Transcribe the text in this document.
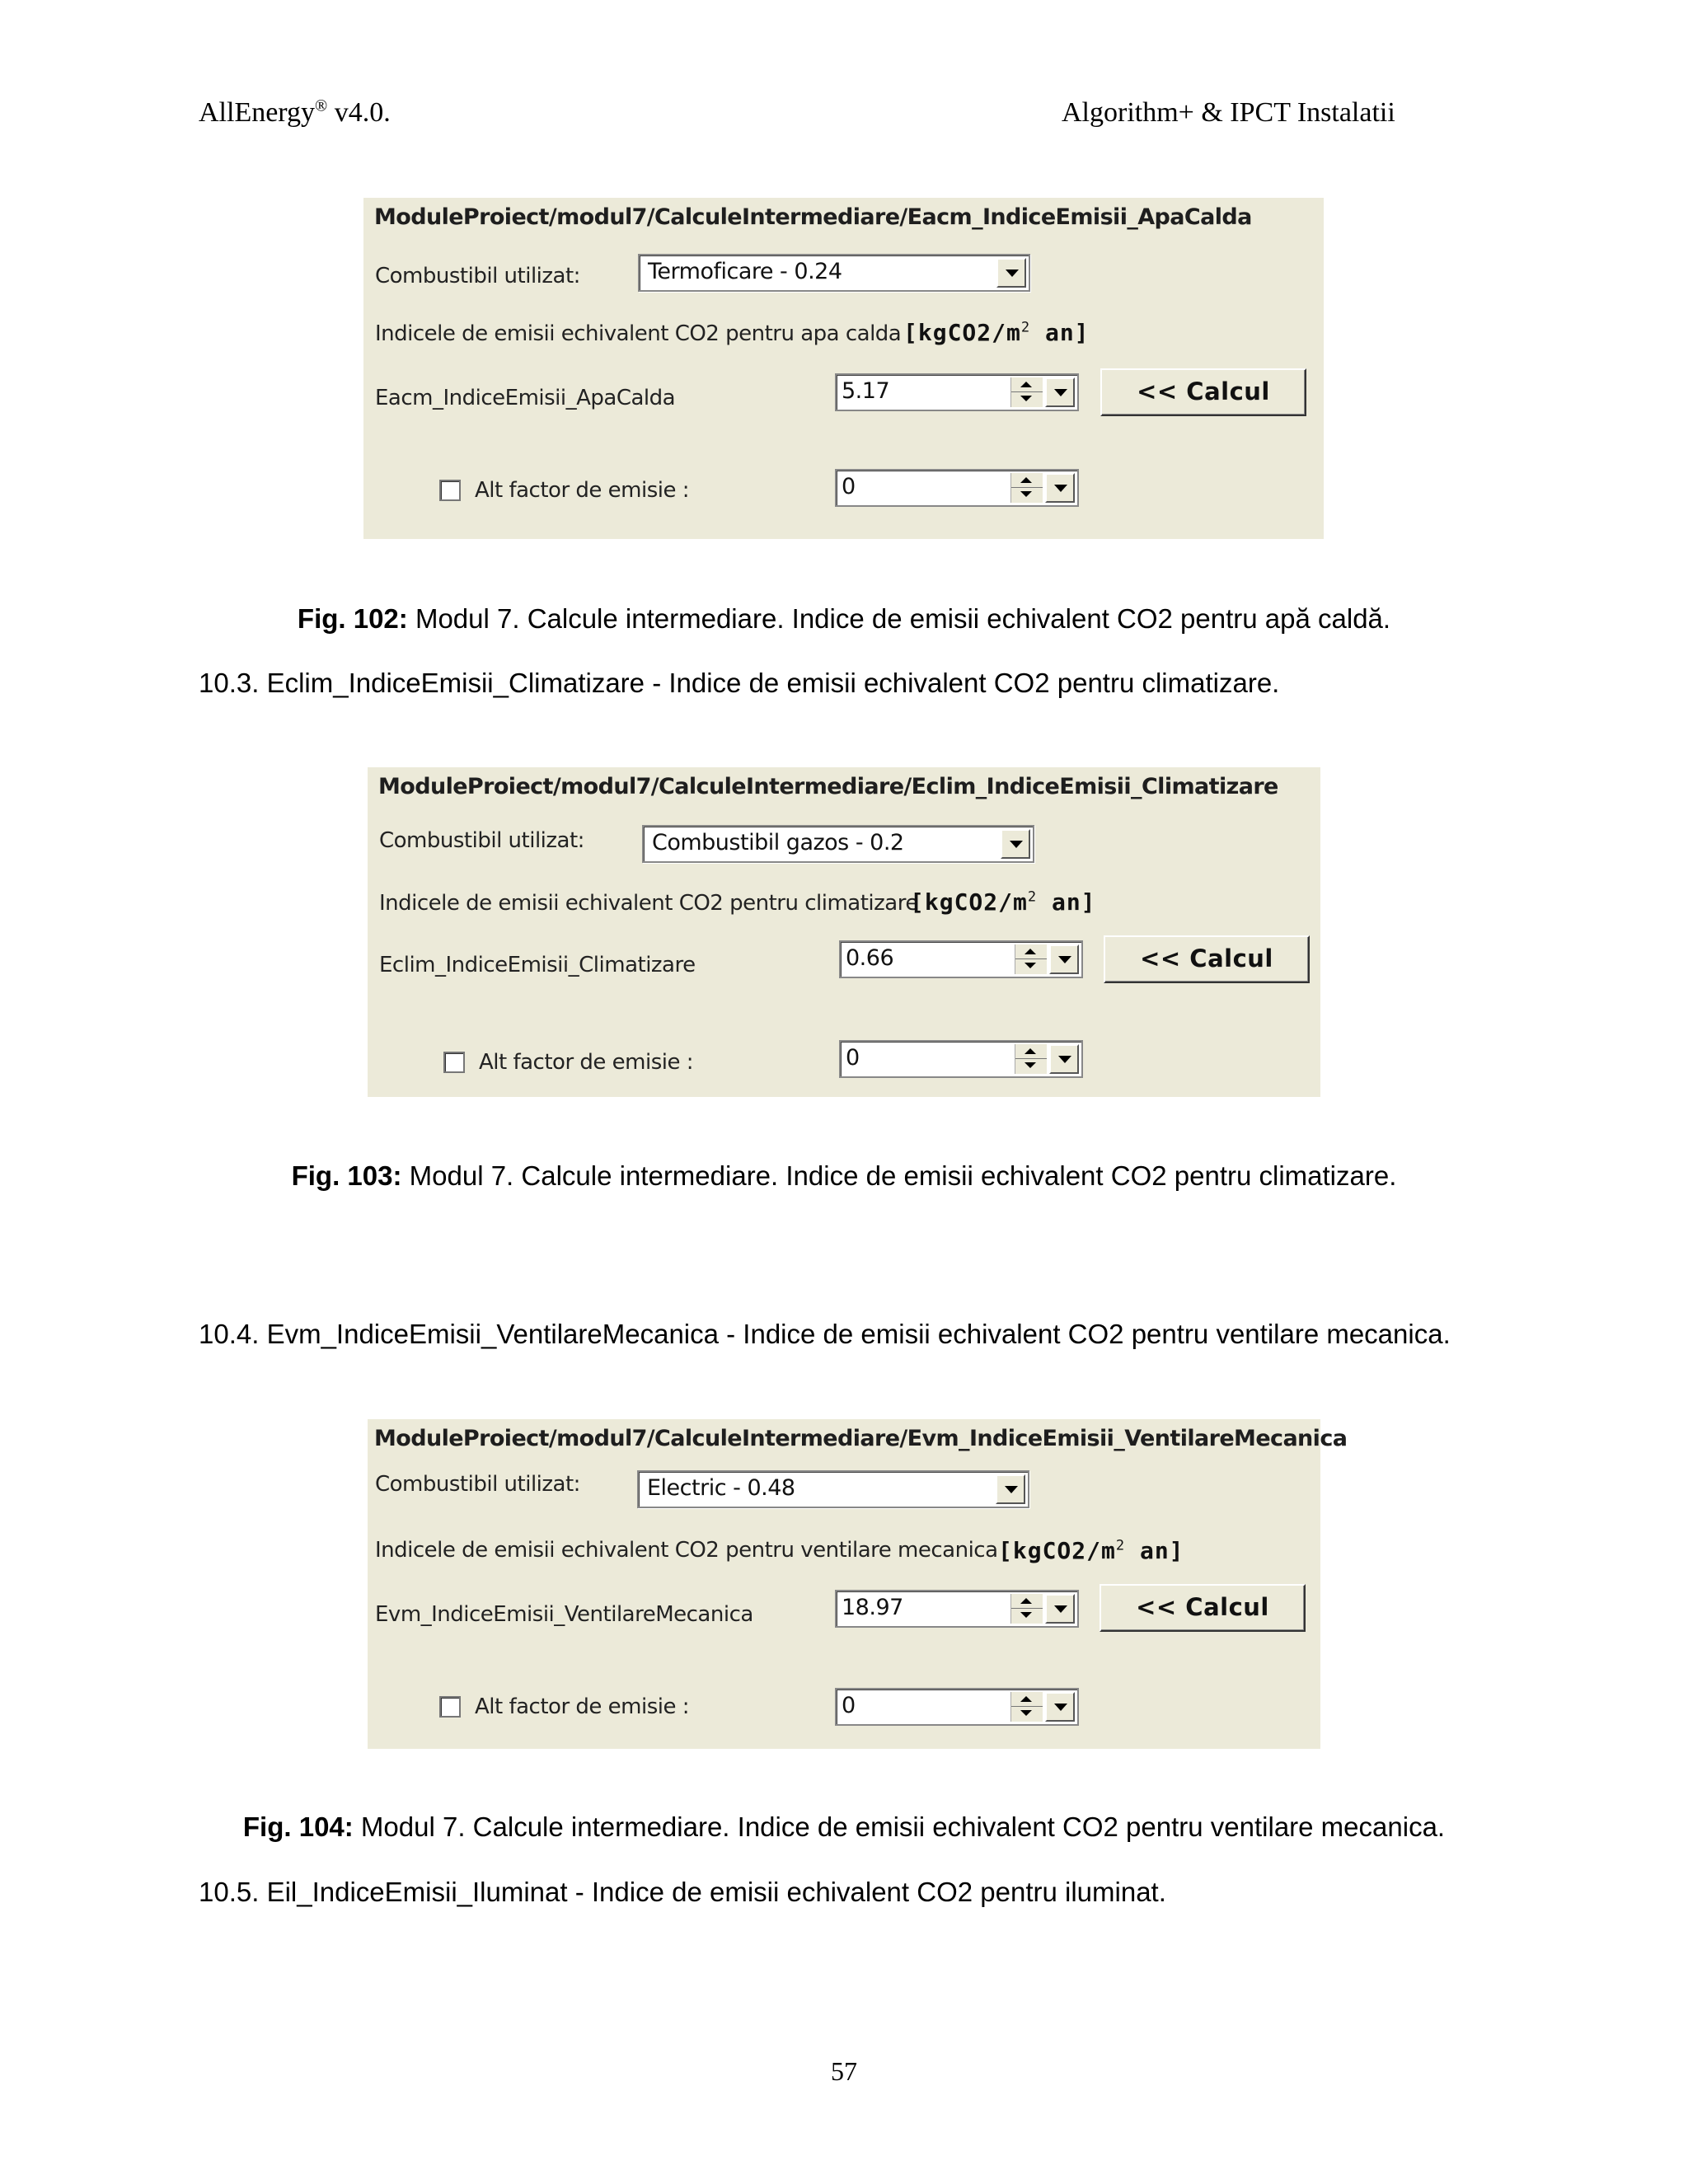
AllEnergy® v4.0.	Algorithm+ & IPCT Instalatii
ModuleProiect/modul7/CalculeIntermediare/Eacm_IndiceEmisii_ApaCalda
Combustibil utilizat:	Termoficare - 0.24
Indicele de emisii echivalent CO2 pentru apa calda [$kgCO2/m^2$ an]
Eacm_IndiceEmisii_ApaCalda	5.17	<< Calcul
Alt factor de emisie :	0
Fig. 102: Modul 7. Calcule intermediare. Indice de emisii echivalent CO2 pentru apă caldă.
10.3. Eclim_IndiceEmisii_Climatizare - Indice de emisii echivalent CO2 pentru climatizare.
ModuleProiect/modul7/CalculeIntermediare/Eclim_IndiceEmisii_Climatizare
Combustibil utilizat:	Combustibil gazos - 0.2
Indicele de emisii echivalent CO2 pentru climatizare
[$kgCO2/m^2$ an]
Eclim_IndiceEmisii_Climatizare	0.66	<< Calcul
Alt factor de emisie :	0
Fig. 103: Modul 7. Calcule intermediare. Indice de emisii echivalent CO2 pentru climatizare.
10.4. Evm_IndiceEmisii_VentilareMecanica - Indice de emisii echivalent CO2 pentru ventilare mecanica.
ModuleProiect/modul7/CalculeIntermediare/Evm_IndiceEmisii_VentilareMecanica
Combustibil utilizat:	Electric - 0.48
Indicele de emisii echivalent CO2 pentru ventilare mecanica [$kgCO2/m^2$ an]
Evm_IndiceEmisii_VentilareMecanica	18.97	<< Calcul
Alt factor de emisie :	0
Fig. 104: Modul 7. Calcule intermediare. Indice de emisii echivalent CO2 pentru ventilare mecanica.
10.5. Eil_IndiceEmisii_Iluminat - Indice de emisii echivalent CO2 pentru iluminat.
57
